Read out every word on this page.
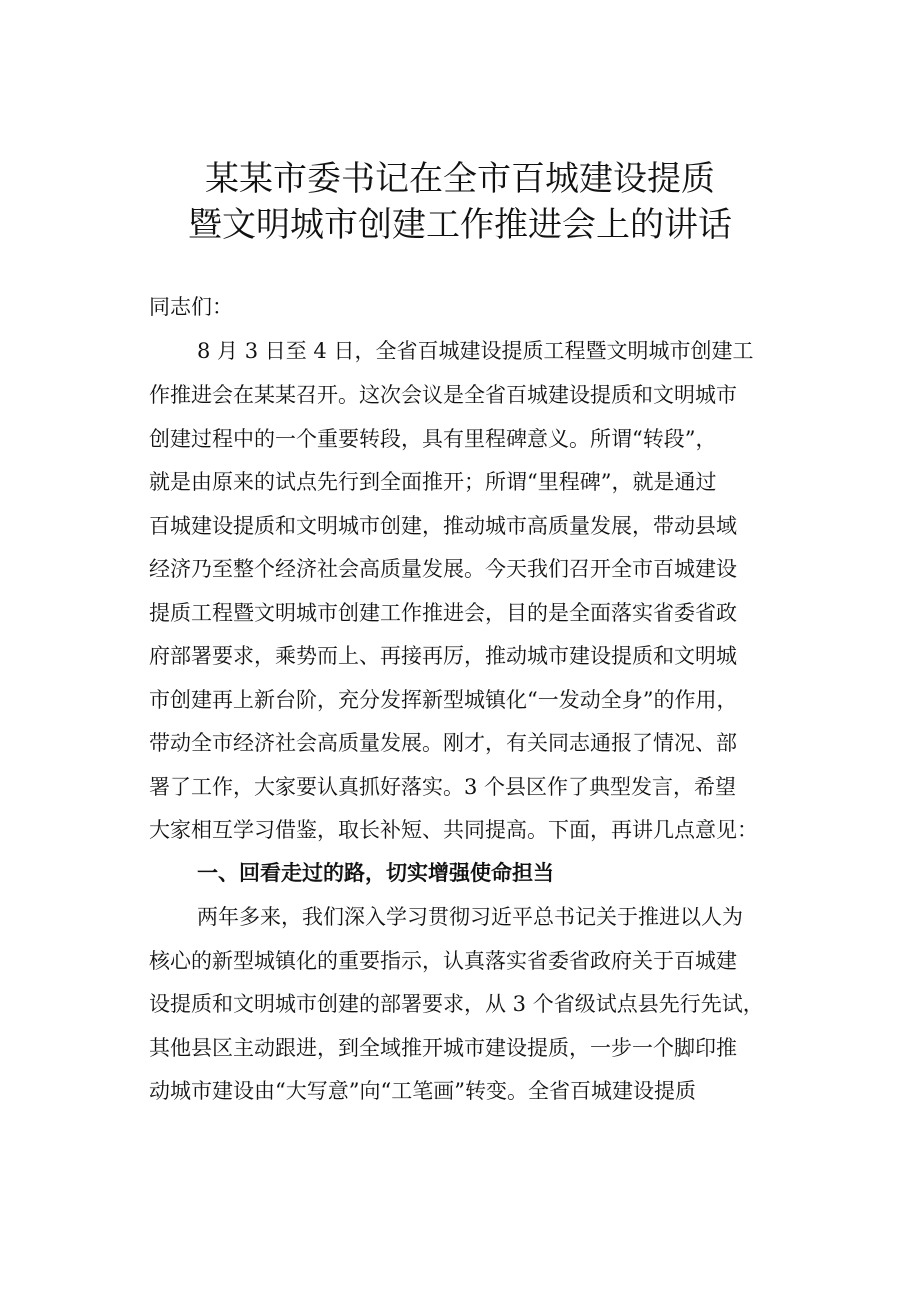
某某市委书记在全市百城建设提质
暨文明城市创建工作推进会上的讲话
同志们：
8 月 3 日至 4 日，全省百城建设提质工程暨文明城市创建工
作推进会在某某召开。这次会议是全省百城建设提质和文明城市
创建过程中的一个重要转段，具有里程碑意义。所谓“转段”，
就是由原来的试点先行到全面推开；所谓“里程碑”，就是通过
百城建设提质和文明城市创建，推动城市高质量发展，带动县域
经济乃至整个经济社会高质量发展。今天我们召开全市百城建设
提质工程暨文明城市创建工作推进会，目的是全面落实省委省政
府部署要求，乘势而上、再接再厉，推动城市建设提质和文明城
市创建再上新台阶，充分发挥新型城镇化“一发动全身”的作用，
带动全市经济社会高质量发展。刚才，有关同志通报了情况、部
署了工作，大家要认真抓好落实。3 个县区作了典型发言，希望
大家相互学习借鉴，取长补短、共同提高。下面，再讲几点意见：
一、回看走过的路，切实增强使命担当
两年多来，我们深入学习贯彻习近平总书记关于推进以人为
核心的新型城镇化的重要指示，认真落实省委省政府关于百城建
设提质和文明城市创建的部署要求，从 3 个省级试点县先行先试，
其他县区主动跟进，到全域推开城市建设提质，一步一个脚印推
动城市建设由“大写意”向“工笔画”转变。全省百城建设提质
